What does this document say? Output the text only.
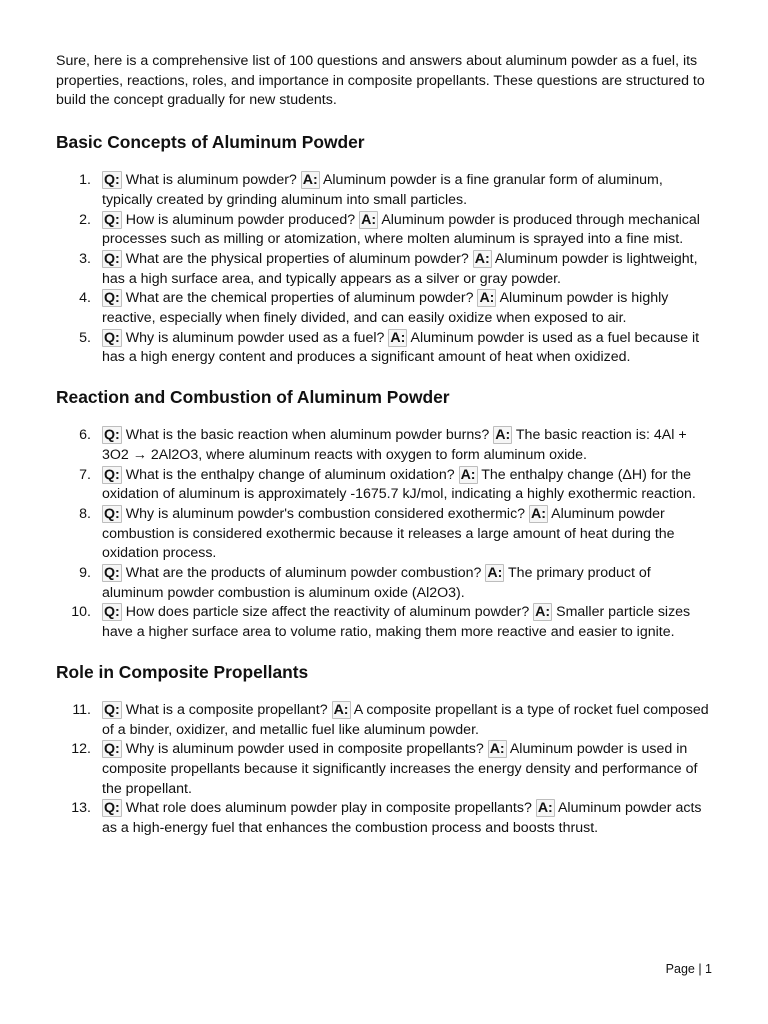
Sure, here is a comprehensive list of 100 questions and answers about aluminum powder as a fuel, its properties, reactions, roles, and importance in composite propellants. These questions are structured to build the concept gradually for new students.

Basic Concepts of Aluminum Powder
1. Q: What is aluminum powder? A: Aluminum powder is a fine granular form of aluminum, typically created by grinding aluminum into small particles.
2. Q: How is aluminum powder produced? A: Aluminum powder is produced through mechanical processes such as milling or atomization, where molten aluminum is sprayed into a fine mist.
3. Q: What are the physical properties of aluminum powder? A: Aluminum powder is lightweight, has a high surface area, and typically appears as a silver or gray powder.
4. Q: What are the chemical properties of aluminum powder? A: Aluminum powder is highly reactive, especially when finely divided, and can easily oxidize when exposed to air.
5. Q: Why is aluminum powder used as a fuel? A: Aluminum powder is used as a fuel because it has a high energy content and produces a significant amount of heat when oxidized.
Reaction and Combustion of Aluminum Powder
6. Q: What is the basic reaction when aluminum powder burns? A: The basic reaction is: 4Al + 3O2 → 2Al2O3, where aluminum reacts with oxygen to form aluminum oxide.
7. Q: What is the enthalpy change of aluminum oxidation? A: The enthalpy change (ΔH) for the oxidation of aluminum is approximately -1675.7 kJ/mol, indicating a highly exothermic reaction.
8. Q: Why is aluminum powder's combustion considered exothermic? A: Aluminum powder combustion is considered exothermic because it releases a large amount of heat during the oxidation process.
9. Q: What are the products of aluminum powder combustion? A: The primary product of aluminum powder combustion is aluminum oxide (Al2O3).
10. Q: How does particle size affect the reactivity of aluminum powder? A: Smaller particle sizes have a higher surface area to volume ratio, making them more reactive and easier to ignite.
Role in Composite Propellants
11. Q: What is a composite propellant? A: A composite propellant is a type of rocket fuel composed of a binder, oxidizer, and metallic fuel like aluminum powder.
12. Q: Why is aluminum powder used in composite propellants? A: Aluminum powder is used in composite propellants because it significantly increases the energy density and performance of the propellant.
13. Q: What role does aluminum powder play in composite propellants? A: Aluminum powder acts as a high-energy fuel that enhances the combustion process and boosts thrust.
Page | 1
